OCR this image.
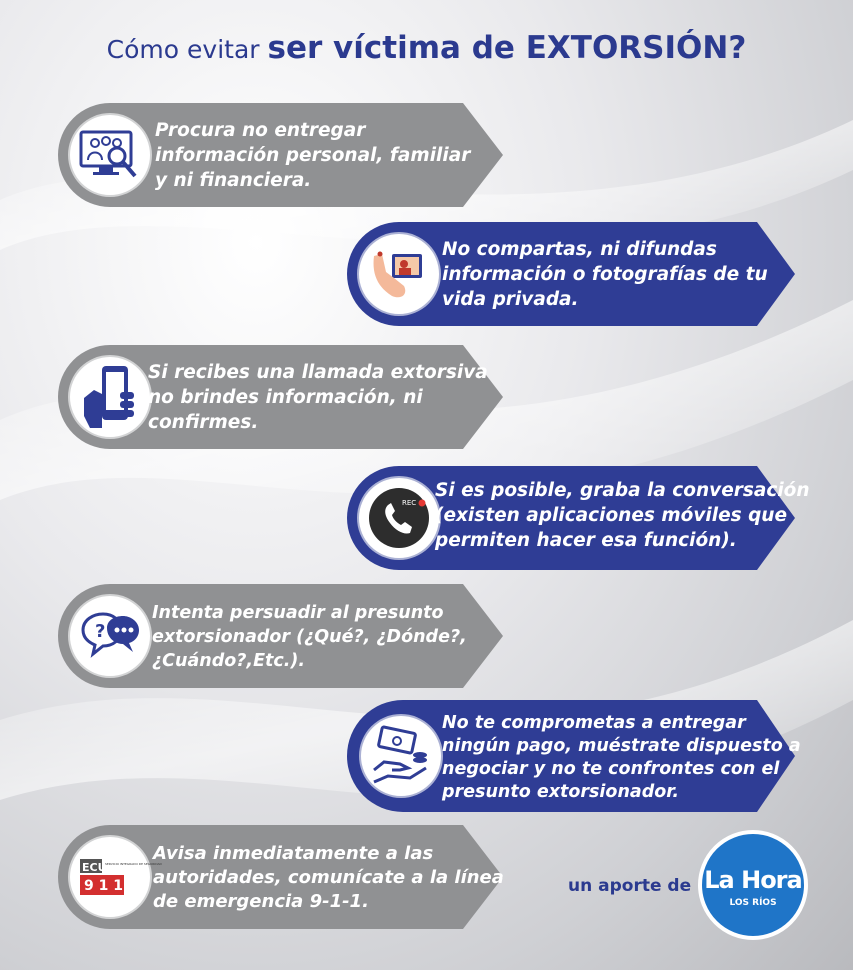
Cómo evitar ser víctima de EXTORSIÓN?
Procura no entregar
información personal, familiar
y ni financiera.
No compartas, ni difundas
información o fotografías de tu
vida privada.
Si recibes una llamada extorsiva
no brindes información, ni
confirmes.
REC
Si es posible, graba la conversación
(existen aplicaciones móviles que
permiten hacer esa función).
?
Intenta persuadir al presunto
extorsionador (¿Qué?, ¿Dónde?,
¿Cuándo?,Etc.).
No te comprometas a entregar
ningún pago, muéstrate dispuesto a
negociar y no te confrontes con el
presunto extorsionador.
ECU
9 1 1
SERVICIO INTEGRADO DE SEGURIDAD
Avisa inmediatamente a las
autoridades, comunícate a la línea
de emergencia 9-1-1.
un aporte de La Hora
LOS RÍOS
